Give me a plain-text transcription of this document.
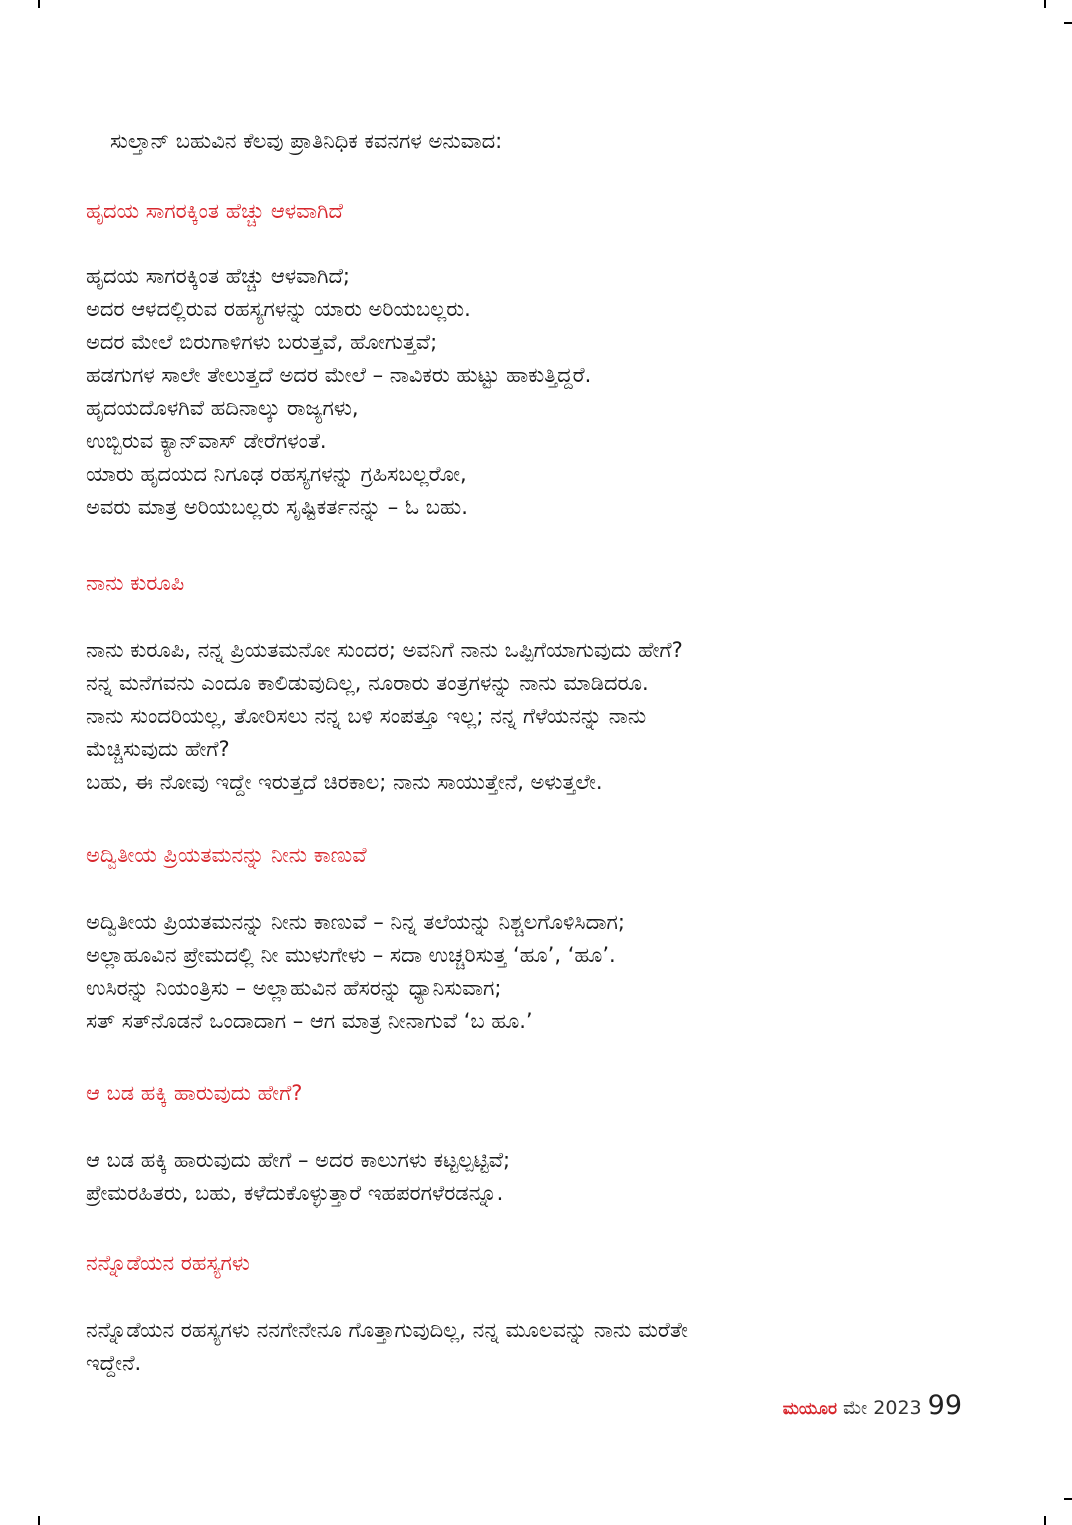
ಸುಲ್ತಾನ್ ಬಹುವಿನ ಕೆಲವು ಪ್ರಾತಿನಿಧಿಕ ಕವನಗಳ ಅನುವಾದ:

ಹೃದಯ ಸಾಗರಕ್ಕಿಂತ ಹೆಚ್ಚು ಆಳವಾಗಿದೆ
ಹೃದಯ ಸಾಗರಕ್ಕಿಂತ ಹೆಚ್ಚು ಆಳವಾಗಿದೆ;
ಅದರ ಆಳದಲ್ಲಿರುವ ರಹಸ್ಯಗಳನ್ನು ಯಾರು ಅರಿಯಬಲ್ಲರು.
ಅದರ ಮೇಲೆ ಬಿರುಗಾಳಿಗಳು ಬರುತ್ತವೆ, ಹೋಗುತ್ತವೆ;
ಹಡಗುಗಳ ಸಾಲೇ ತೇಲುತ್ತದೆ ಅದರ ಮೇಲೆ – ನಾವಿಕರು ಹುಟ್ಟು ಹಾಕುತ್ತಿದ್ದರೆ.
ಹೃದಯದೊಳಗಿವೆ ಹದಿನಾಲ್ಕು ರಾಜ್ಯಗಳು,
ಉಬ್ಬಿರುವ ಕ್ಯಾನ್‌ವಾಸ್ ಡೇರೆಗಳಂತೆ.
ಯಾರು ಹೃದಯದ ನಿಗೂಢ ರಹಸ್ಯಗಳನ್ನು ಗ್ರಹಿಸಬಲ್ಲರೋ,
ಅವರು ಮಾತ್ರ ಅರಿಯಬಲ್ಲರು ಸೃಷ್ಟಿಕರ್ತನನ್ನು – ಓ ಬಹು.
ನಾನು ಕುರೂಪಿ
ನಾನು ಕುರೂಪಿ, ನನ್ನ ಪ್ರಿಯತಮನೋ ಸುಂದರ; ಅವನಿಗೆ ನಾನು ಒಪ್ಪಿಗೆಯಾಗುವುದು ಹೇಗೆ?
ನನ್ನ ಮನೆಗವನು ಎಂದೂ ಕಾಲಿಡುವುದಿಲ್ಲ, ನೂರಾರು ತಂತ್ರಗಳನ್ನು ನಾನು ಮಾಡಿದರೂ.
ನಾನು ಸುಂದರಿಯಲ್ಲ, ತೋರಿಸಲು ನನ್ನ ಬಳಿ ಸಂಪತ್ತೂ ಇಲ್ಲ; ನನ್ನ ಗೆಳೆಯನನ್ನು ನಾನು
ಮೆಚ್ಚಿಸುವುದು ಹೇಗೆ?
ಬಹು, ಈ ನೋವು ಇದ್ದೇ ಇರುತ್ತದೆ ಚಿರಕಾಲ; ನಾನು ಸಾಯುತ್ತೇನೆ, ಅಳುತ್ತಲೇ.
ಅದ್ವಿತೀಯ ಪ್ರಿಯತಮನನ್ನು ನೀನು ಕಾಣುವೆ
ಅದ್ವಿತೀಯ ಪ್ರಿಯತಮನನ್ನು ನೀನು ಕಾಣುವೆ – ನಿನ್ನ ತಲೆಯನ್ನು ನಿಶ್ಚಲಗೊಳಿಸಿದಾಗ;
ಅಲ್ಲಾಹೂವಿನ ಪ್ರೇಮದಲ್ಲಿ ನೀ ಮುಳುಗೇಳು – ಸದಾ ಉಚ್ಚರಿಸುತ್ತ ‘ಹೂ’, ‘ಹೂ’.
ಉಸಿರನ್ನು ನಿಯಂತ್ರಿಸು – ಅಲ್ಲಾಹುವಿನ ಹೆಸರನ್ನು ಧ್ಯಾನಿಸುವಾಗ;
ಸತ್ ಸತ್‌ನೊಡನೆ ಒಂದಾದಾಗ – ಆಗ ಮಾತ್ರ ನೀನಾಗುವೆ ‘ಬ ಹೂ.’
ಆ ಬಡ ಹಕ್ಕಿ ಹಾರುವುದು ಹೇಗೆ?
ಆ ಬಡ ಹಕ್ಕಿ ಹಾರುವುದು ಹೇಗೆ – ಅದರ ಕಾಲುಗಳು ಕಟ್ಟಲ್ಪಟ್ಟಿವೆ;
ಪ್ರೇಮರಹಿತರು, ಬಹು, ಕಳೆದುಕೊಳ್ಳುತ್ತಾರೆ ಇಹಪರಗಳೆರಡನ್ನೂ.
ನನ್ನೊಡೆಯನ ರಹಸ್ಯಗಳು
ನನ್ನೊಡೆಯನ ರಹಸ್ಯಗಳು ನನಗೇನೇನೂ ಗೊತ್ತಾಗುವುದಿಲ್ಲ, ನನ್ನ ಮೂಲವನ್ನು ನಾನು ಮರೆತೇ
ಇದ್ದೇನೆ.
ಮಯೂರ ಮೇ 2023 99
